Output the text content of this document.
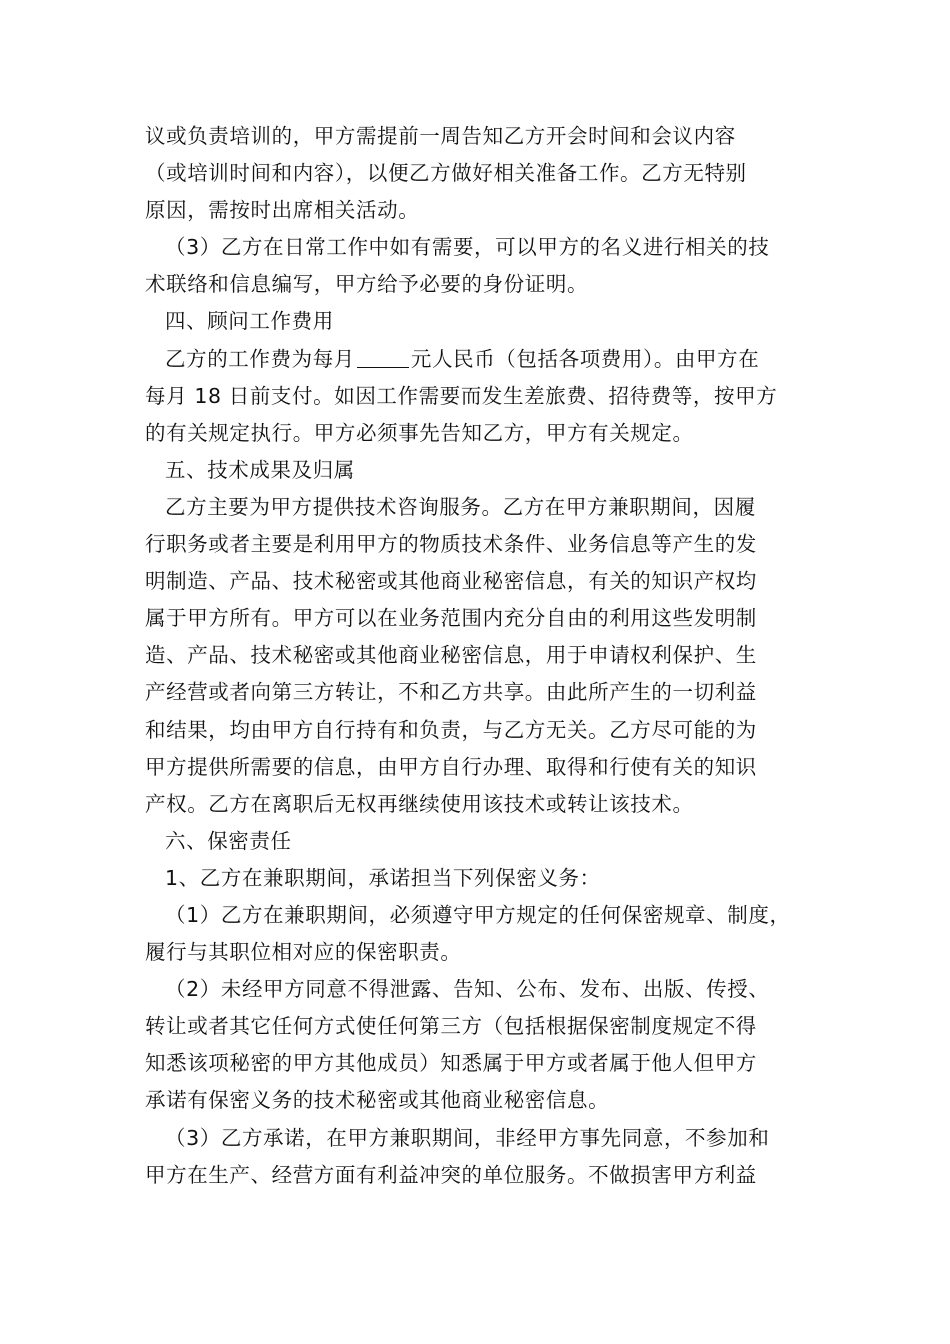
议或负责培训的，甲方需提前一周告知乙方开会时间和会议内容
（或培训时间和内容），以便乙方做好相关准备工作。乙方无特别
原因，需按时出席相关活动。
（3）乙方在日常工作中如有需要，可以甲方的名义进行相关的技
术联络和信息编写，甲方给予必要的身份证明。
四、顾问工作费用
乙方的工作费为每月	元人民币（包括各项费用）。由甲方在
每月 18 日前支付。如因工作需要而发生差旅费、招待费等，按甲方
的有关规定执行。甲方必须事先告知乙方，甲方有关规定。
五、技术成果及归属
乙方主要为甲方提供技术咨询服务。乙方在甲方兼职期间，因履
行职务或者主要是利用甲方的物质技术条件、业务信息等产生的发
明制造、产品、技术秘密或其他商业秘密信息，有关的知识产权均
属于甲方所有。甲方可以在业务范围内充分自由的利用这些发明制
造、产品、技术秘密或其他商业秘密信息，用于申请权利保护、生
产经营或者向第三方转让，不和乙方共享。由此所产生的一切利益
和结果，均由甲方自行持有和负责，与乙方无关。乙方尽可能的为
甲方提供所需要的信息，由甲方自行办理、取得和行使有关的知识
产权。乙方在离职后无权再继续使用该技术或转让该技术。
六、保密责任
1、乙方在兼职期间，承诺担当下列保密义务：
（1）乙方在兼职期间，必须遵守甲方规定的任何保密规章、制度，
履行与其职位相对应的保密职责。
（2）未经甲方同意不得泄露、告知、公布、发布、出版、传授、
转让或者其它任何方式使任何第三方（包括根据保密制度规定不得
知悉该项秘密的甲方其他成员）知悉属于甲方或者属于他人但甲方
承诺有保密义务的技术秘密或其他商业秘密信息。
（3）乙方承诺，在甲方兼职期间，非经甲方事先同意，不参加和
甲方在生产、经营方面有利益冲突的单位服务。不做损害甲方利益
